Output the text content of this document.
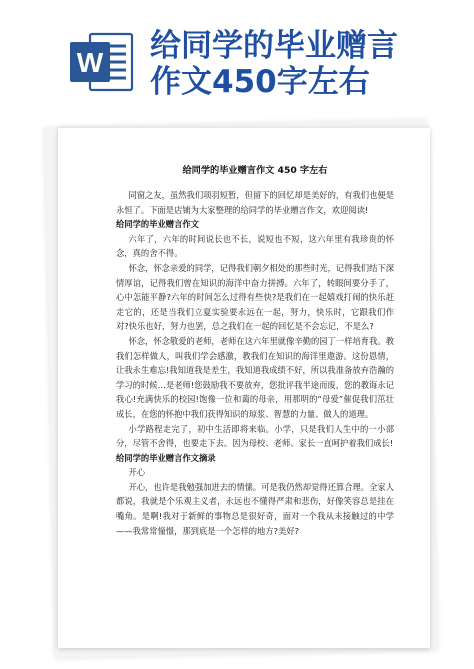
W 给同学的毕业赠言
作文450字左右
给同学的毕业赠言作文 450 字左右

同窗之友，虽然我们项羽短暂，但留下的回忆却是美好的，有我们也便是永恒了。下面是店铺为大家整理的给同学的毕业赠言作文，欢迎阅读!

给同学的毕业赠言作文

六年了，六年的时间说长也不长，说短也不短，这六年里有我珍贵的怀念，真的舍不得。

怀念，怀念亲爱的同学，记得我们朝夕相处的那些时光，记得我们结下深情厚谊，记得我们曾在知识的海洋中奋力拼搏。六年了，转眼间要分手了，心中怎能平静?六年的时间怎么过得有些快?是我们在一起嬉戏打闹的快乐赶走它的，还是当我们立夏实验要永远在一起，努力，快乐时，它跟我们作对?快乐也好，努力也罢，总之我们在一起的回忆是不会忘记，不是么?

怀念，怀念敬爱的老师，老师在这六年里就像辛勤的园丁一样培育我。教我们怎样做人，叫我们学会感激，教我们在知识的海洋里遨游。这份恩情，让我永生难忘!我知道我是差生，我知道我成绩不好，所以我准备放弃浩瀚的学习的时候…是老师!您鼓励我不要放弃，您批评我半途而废，您的教诲永记我心!充满快乐的校园!饱像一位和蔼的母亲，用那明的“母爱”催促我们茁壮成长，在您的怀抱中我们获得知识的琼浆、智慧的力量、做人的道理。

小学路程走完了，初中生活即将来临。小学，只是我们人生中的一小部分，尽管不舍得，也要走下去。因为母校、老师、家长一直呵护着我们成长!

给同学的毕业赠言作文摘录

开心

开心，也许是我勉强加进去的情愫。可是我仍然却觉得还算合理。全家人都说，我就是个乐观主义者，永远也不懂得严肃和悲伤，好像笑容总是挂在嘴角。是啊!我对于新鲜的事物总是很好奇，面对一个我从未接触过的中学——我常常憧憬，那到底是一个怎样的地方?美好?
